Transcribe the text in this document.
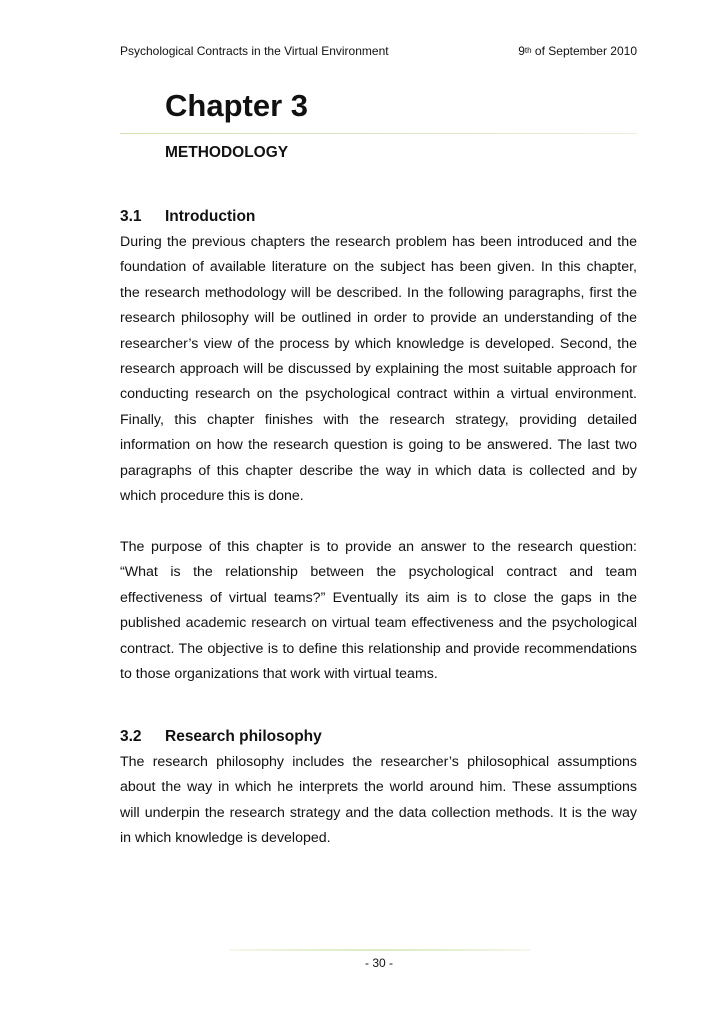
Psychological Contracts in the Virtual Environment	9th of September 2010
Chapter 3
METHODOLOGY
3.1 Introduction

During the previous chapters the research problem has been introduced and the foundation of available literature on the subject has been given. In this chapter, the research methodology will be described. In the following paragraphs, first the research philosophy will be outlined in order to provide an understanding of the researcher’s view of the process by which knowledge is developed. Second, the research approach will be discussed by explaining the most suitable approach for conducting research on the psychological contract within a virtual environment. Finally, this chapter finishes with the research strategy, providing detailed information on how the research question is going to be answered. The last two paragraphs of this chapter describe the way in which data is collected and by which procedure this is done.

The purpose of this chapter is to provide an answer to the research question: “What is the relationship between the psychological contract and team effectiveness of virtual teams?” Eventually its aim is to close the gaps in the published academic research on virtual team effectiveness and the psychological contract. The objective is to define this relationship and provide recommendations to those organizations that work with virtual teams.

3.2 Research philosophy

The research philosophy includes the researcher’s philosophical assumptions about the way in which he interprets the world around him. These assumptions will underpin the research strategy and the data collection methods. It is the way in which knowledge is developed.

- 30 -
